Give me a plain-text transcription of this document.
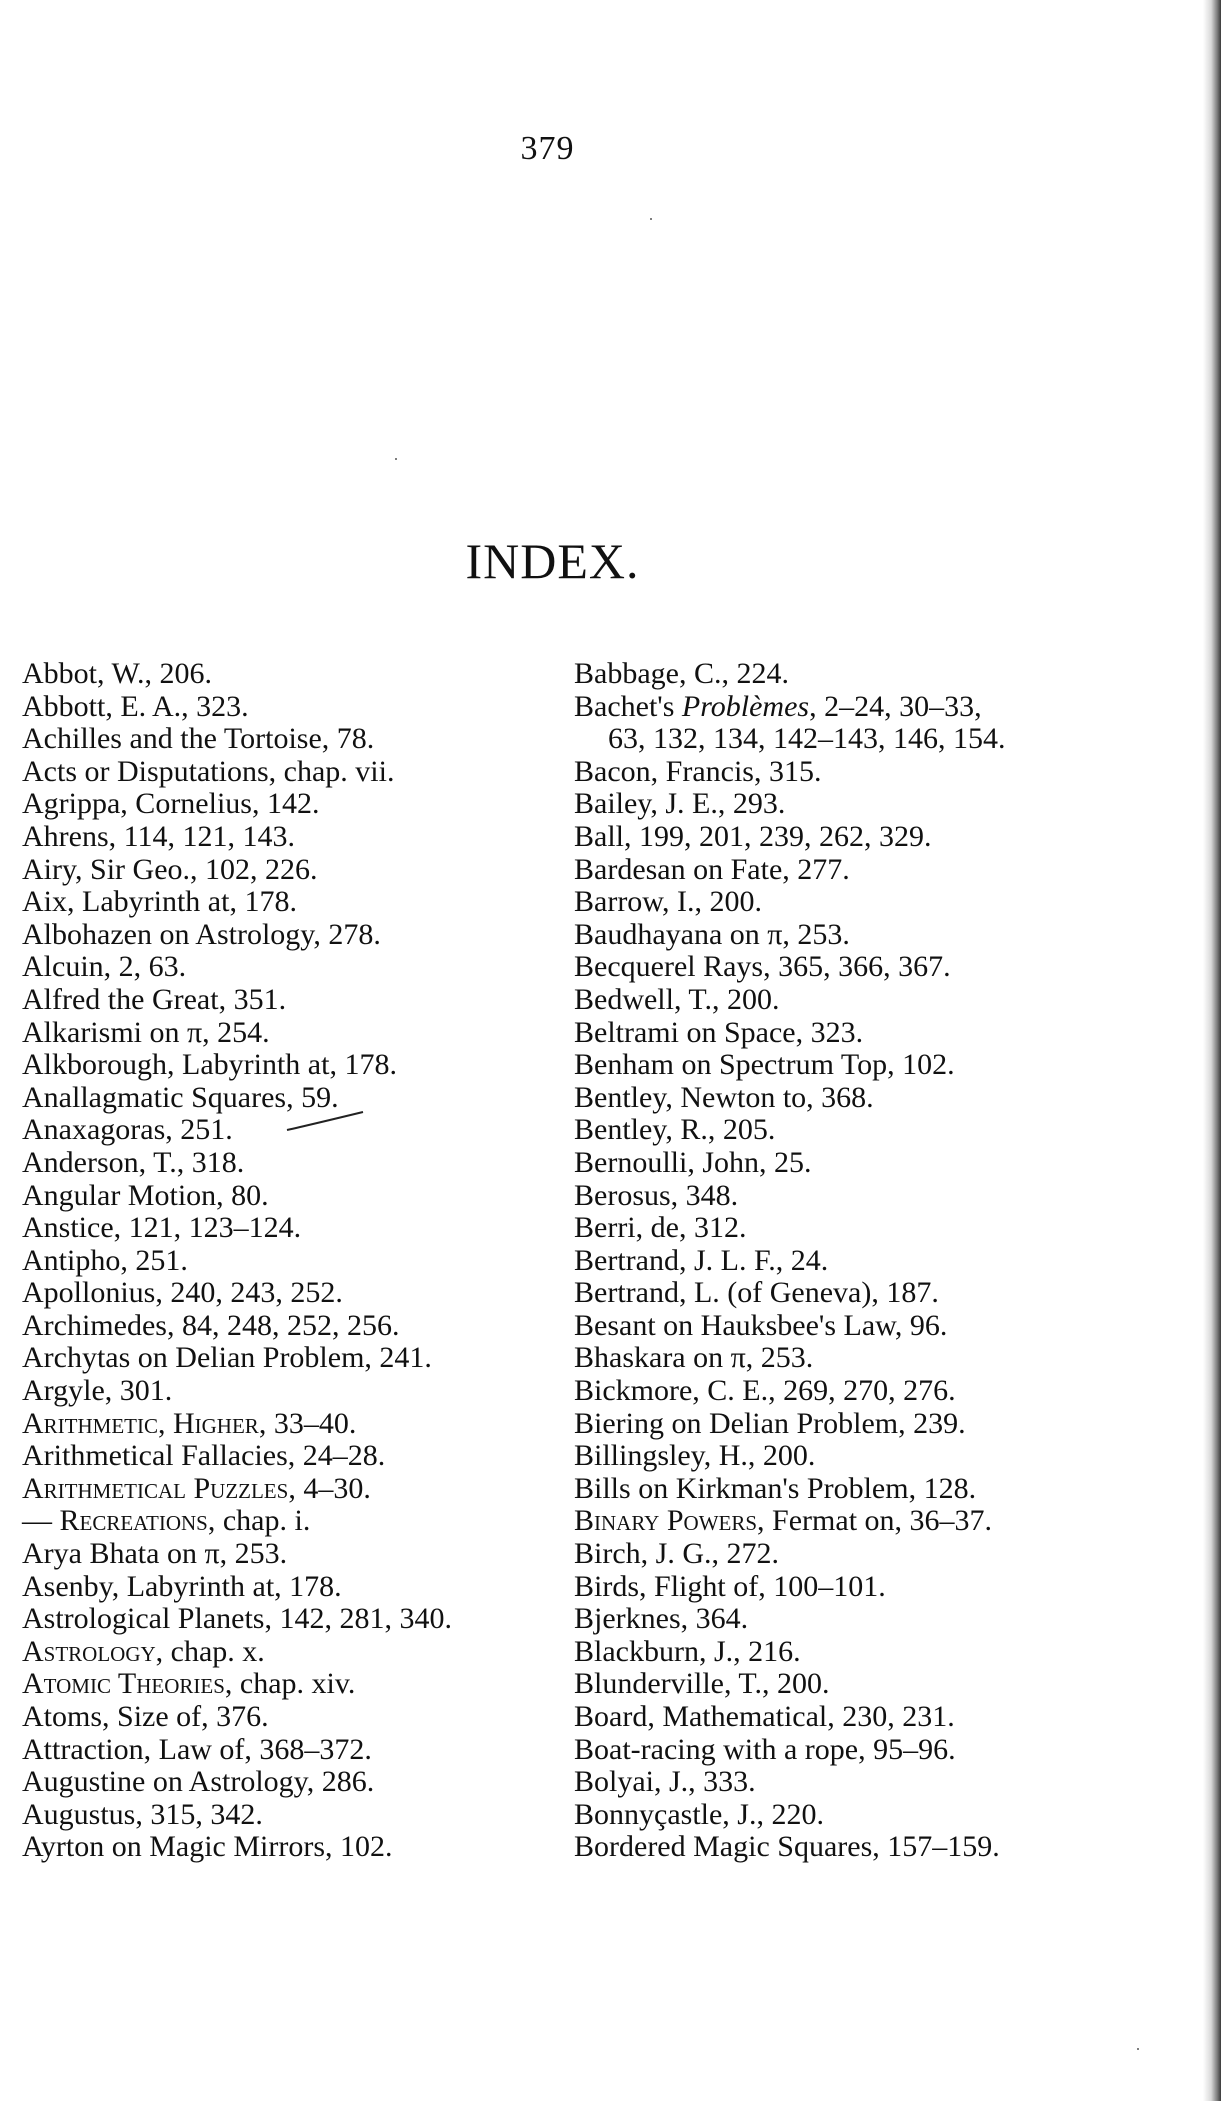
379
INDEX.
Abbot, W., 206.
Abbott, E. A., 323.
Achilles and the Tortoise, 78.
Acts or Disputations, chap. vii.
Agrippa, Cornelius, 142.
Ahrens, 114, 121, 143.
Airy, Sir Geo., 102, 226.
Aix, Labyrinth at, 178.
Albohazen on Astrology, 278.
Alcuin, 2, 63.
Alfred the Great, 351.
Alkarismi on π, 254.
Alkborough, Labyrinth at, 178.
Anallagmatic Squares, 59.
Anaxagoras, 251.
Anderson, T., 318.
Angular Motion, 80.
Anstice, 121, 123–124.
Antipho, 251.
Apollonius, 240, 243, 252.
Archimedes, 84, 248, 252, 256.
Archytas on Delian Problem, 241.
Argyle, 301.
Arithmetic, Higher, 33–40.
Arithmetical Fallacies, 24–28.
Arithmetical Puzzles, 4–30.
— Recreations, chap. i.
Arya Bhata on π, 253.
Asenby, Labyrinth at, 178.
Astrological Planets, 142, 281, 340.
Astrology, chap. x.
Atomic Theories, chap. xiv.
Atoms, Size of, 376.
Attraction, Law of, 368–372.
Augustine on Astrology, 286.
Augustus, 315, 342.
Ayrton on Magic Mirrors, 102.
Babbage, C., 224.
Bachet's Problèmes, 2–24, 30–33,
63, 132, 134, 142–143, 146, 154.
Bacon, Francis, 315.
Bailey, J. E., 293.
Ball, 199, 201, 239, 262, 329.
Bardesan on Fate, 277.
Barrow, I., 200.
Baudhayana on π, 253.
Becquerel Rays, 365, 366, 367.
Bedwell, T., 200.
Beltrami on Space, 323.
Benham on Spectrum Top, 102.
Bentley, Newton to, 368.
Bentley, R., 205.
Bernoulli, John, 25.
Berosus, 348.
Berri, de, 312.
Bertrand, J. L. F., 24.
Bertrand, L. (of Geneva), 187.
Besant on Hauksbee's Law, 96.
Bhaskara on π, 253.
Bickmore, C. E., 269, 270, 276.
Biering on Delian Problem, 239.
Billingsley, H., 200.
Bills on Kirkman's Problem, 128.
Binary Powers, Fermat on, 36–37.
Birch, J. G., 272.
Birds, Flight of, 100–101.
Bjerknes, 364.
Blackburn, J., 216.
Blunderville, T., 200.
Board, Mathematical, 230, 231.
Boat-racing with a rope, 95–96.
Bolyai, J., 333.
Bonnyçastle, J., 220.
Bordered Magic Squares, 157–159.
